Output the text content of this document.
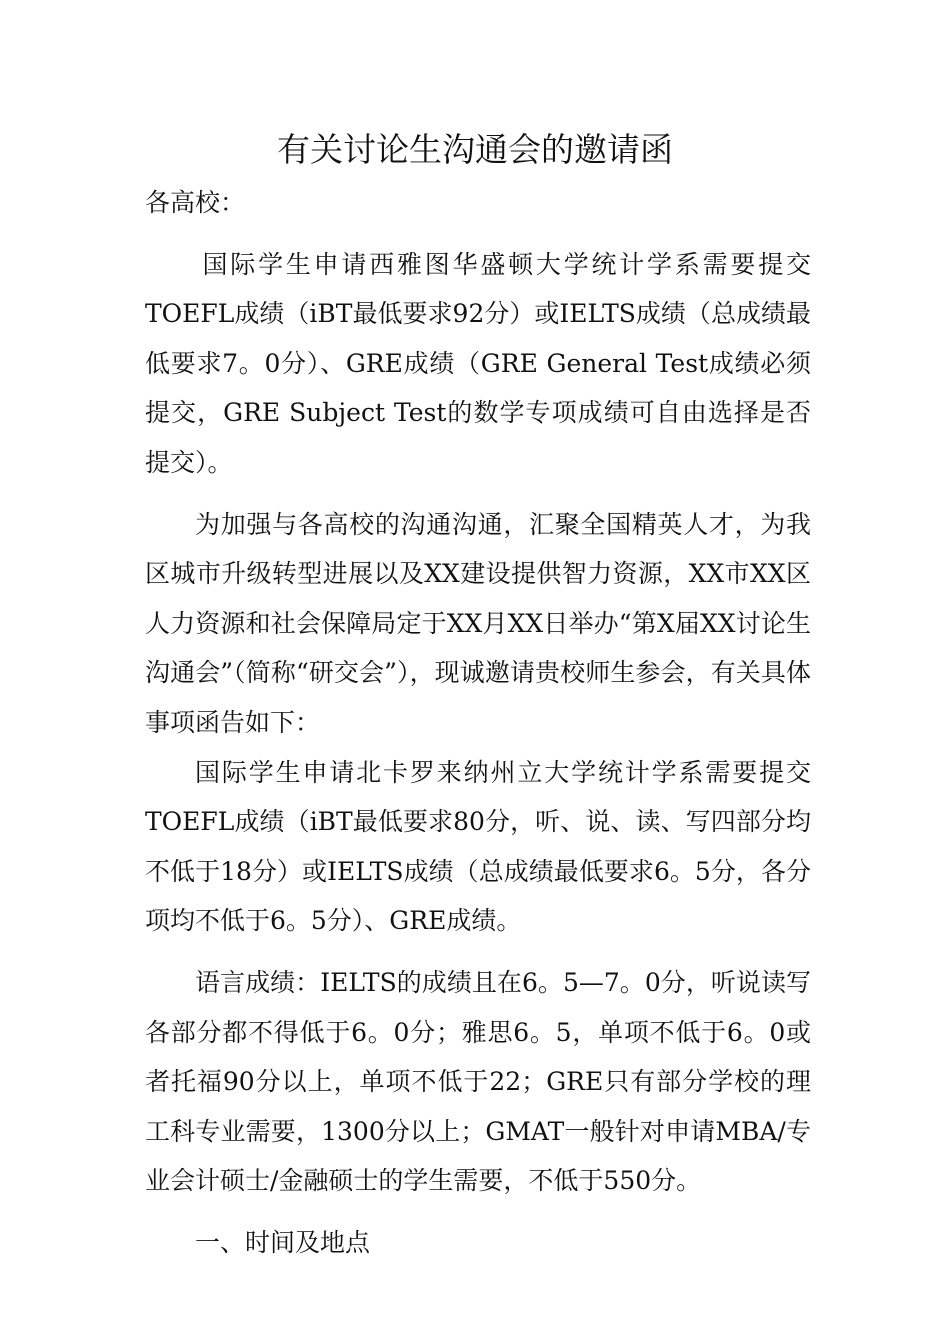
有关讨论生沟通会的邀请函

各高校：

国际学生申请西雅图华盛顿大学统计学系需要提交TOEFL成绩（iBT最低要求92分）或IELTS成绩（总成绩最低要求7。0分）、GRE成绩（GRE General Test成绩必须提交，GRE Subject Test的数学专项成绩可自由选择是否提交）。

为加强与各高校的沟通沟通，汇聚全国精英人才，为我区城市升级转型进展以及XX建设提供智力资源，XX市XX区人力资源和社会保障局定于XX月XX日举办“第X届XX讨论生沟通会”（简称“研交会”），现诚邀请贵校师生参会，有关具体事项函告如下：

国际学生申请北卡罗来纳州立大学统计学系需要提交TOEFL成绩（iBT最低要求80分，听、说、读、写四部分均不低于18分）或IELTS成绩（总成绩最低要求6。5分，各分项均不低于6。5分）、GRE成绩。

语言成绩：IELTS的成绩且在6。5—7。0分，听说读写各部分都不得低于6。0分；雅思6。5，单项不低于6。0或者托福90分以上，单项不低于22；GRE只有部分学校的理工科专业需要，1300分以上；GMAT一般针对申请MBA/专业会计硕士/金融硕士的学生需要，不低于550分。

一、时间及地点
